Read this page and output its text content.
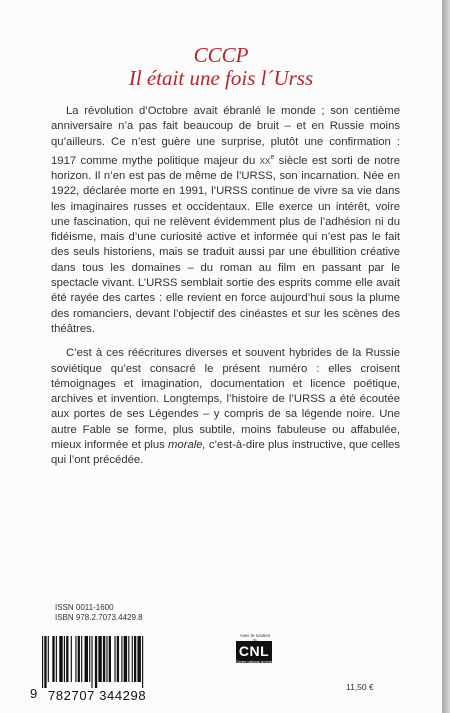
CCCP
Il était une fois l´Urss

La révolution d’Octobre avait ébranlé le monde ; son centième anniversaire n’a pas fait beaucoup de bruit – et en Russie moins qu’ailleurs. Ce n’est guère une surprise, plutôt une confirmation : 1917 comme mythe politique majeur du $xx^e$ siècle est sorti de notre horizon. Il n’en est pas de même de l’URSS, son incarnation. Née en 1922, déclarée morte en 1991, l’URSS continue de vivre sa vie dans les imaginaires russes et occidentaux. Elle exerce un intérêt, voire une fascination, qui ne relèvent évidemment plus de l’adhésion ni du fidéisme, mais d’une curiosité active et informée qui n’est pas le fait des seuls historiens, mais se traduit aussi par une ébullition créative dans tous les domaines – du roman au film en passant par le spectacle vivant. L’URSS semblait sortie des esprits comme elle avait été rayée des cartes : elle revient en force aujourd’hui sous la plume des romanciers, devant l’objectif des cinéastes et sur les scènes des théâtres.

C’est à ces réécritures diverses et souvent hybrides de la Russie soviétique qu’est consacré le présent numéro : elles croisent témoignages et imagination, documentation et licence poétique, archives et invention. Longtemps, l’histoire de l’URSS a été écoutée aux portes de ses Légendes – y compris de sa légende noire. Une autre Fable se forme, plus subtile, moins fabuleuse ou affabulée, mieux informée et plus morale, c’est-à-dire plus instructive, que celles qui l’ont précédée.

ISSN 0011-1600
ISBN 978.2.7073.4429.8
9 782707 344298
Avec le soutien
CNL
Centre national du livre
11,50 €
